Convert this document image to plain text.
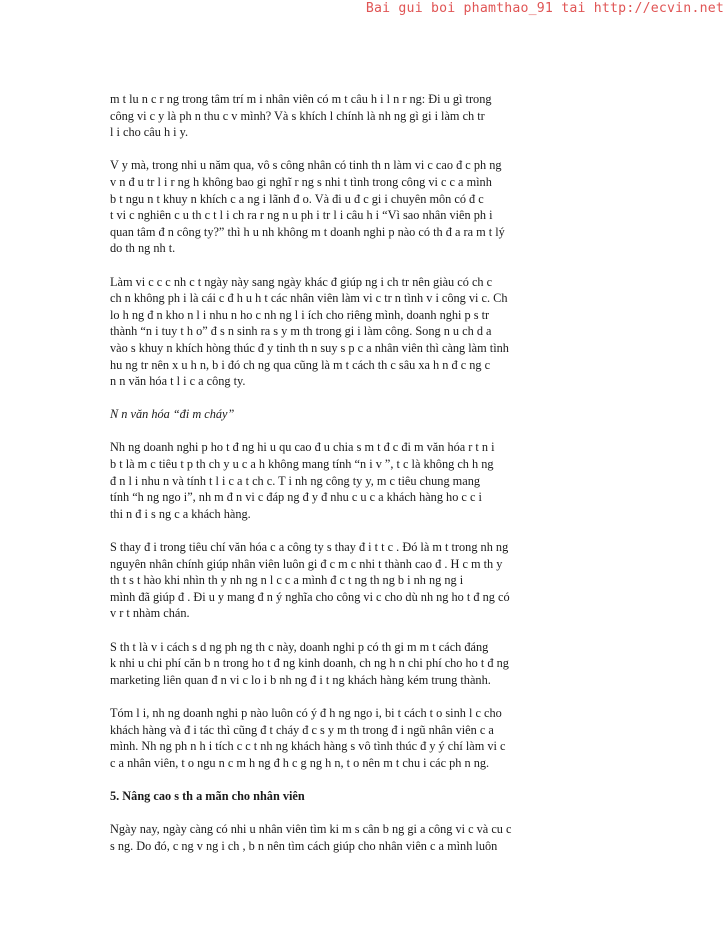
Bai gui boi phamthao_91 tai http://ecvin.net
m t lu n c r ng trong tâm trí m i nhân viên có m t câu h i l n r ng: Đi u gì trong
công vi c y là ph n thu c v mình? Và s khích l chính là nh ng gì gi i làm ch tr
l i cho câu h i y.
V y mà, trong nhi u năm qua, vô s công nhân có tinh th n làm vi c cao đ c ph ng
v n đ u tr l i r ng h không bao gi nghĩ r ng s nhi t tình trong công vi c c a mình
b t ngu n t khuy n khích c a ng i lãnh đ o. Và đi u đ c gi i chuyên môn có đ c
t vi c nghiên c u th c t l i ch ra r ng n u ph i tr l i câu h i “Vì sao nhân viên ph i
quan tâm đ n công ty?” thì h u nh không m t doanh nghi p nào có th đ a ra m t lý
do th ng nh t.
Làm vi c c c nh c t ngày này sang ngày khác đ giúp ng i ch tr nên giàu có ch c
ch n không ph i là cái c đ h u h t các nhân viên làm vi c tr n tình v i công vi c. Ch
lo h ng đ n kho n l i nhu n ho c nh ng l i ích cho riêng mình, doanh nghi p s tr
thành “n i tuy t h o” đ s n sinh ra s y m th trong gi i làm công. Song n u ch d a
vào s khuy n khích hòng thúc đ y tinh th n suy s p c a nhân viên thì càng làm tình
hu ng tr nên x u h n, b i đó ch ng qua cũng là m t cách th c sâu xa h n đ c ng c
n n văn hóa t l i c a công ty.
N n văn hóa “đi m cháy”
Nh ng doanh nghi p ho t đ ng hi u qu cao đ u chia s m t đ c đi m văn hóa r t n i
b t là m c tiêu t p th ch y u c a h không mang tính “n i v ”, t c là không ch h ng
đ n l i nhu n và tính t l i c a t ch c. T i nh ng công ty y, m c tiêu chung mang
tính “h ng ngo i”, nh m đ n vi c đáp ng đ y đ nhu c u c a khách hàng ho c c i
thi n đ i s ng c a khách hàng.
S thay đ i trong tiêu chí văn hóa c a công ty s thay đ i t t c . Đó là m t trong nh ng
nguyên nhân chính giúp nhân viên luôn gi đ c m c nhi t thành cao đ . H c m th y
th t s t hào khi nhìn th y nh ng n l c c a mình đ c t ng th ng b i nh ng ng i
mình đã giúp đ . Đi u y mang đ n ý nghĩa cho công vi c cho dù nh ng ho t đ ng có
v r t nhàm chán.
S th t là v i cách s d ng ph ng th c này, doanh nghi p có th gi m m t cách đáng
k nhi u chi phí căn b n trong ho t đ ng kinh doanh, ch ng h n chi phí cho ho t đ ng
marketing liên quan đ n vi c lo i b nh ng đ i t ng khách hàng kém trung thành.
Tóm l i, nh ng doanh nghi p nào luôn có ý đ h ng ngo i, bi t cách t o sinh l c cho
khách hàng và đ i tác thì cũng đ t cháy đ c s y m th trong đ i ngũ nhân viên c a
mình. Nh ng ph n h i tích c c t nh ng khách hàng s vô tình thúc đ y ý chí làm vi c
c a nhân viên, t o ngu n c m h ng đ h c g ng h n, t o nên m t chu i các ph n ng.
5. Nâng cao s th a mãn cho nhân viên
Ngày nay, ngày càng có nhi u nhân viên tìm ki m s cân b ng gi a công vi c và cu c
s ng. Do đó, c ng v ng i ch , b n nên tìm cách giúp cho nhân viên c a mình luôn
